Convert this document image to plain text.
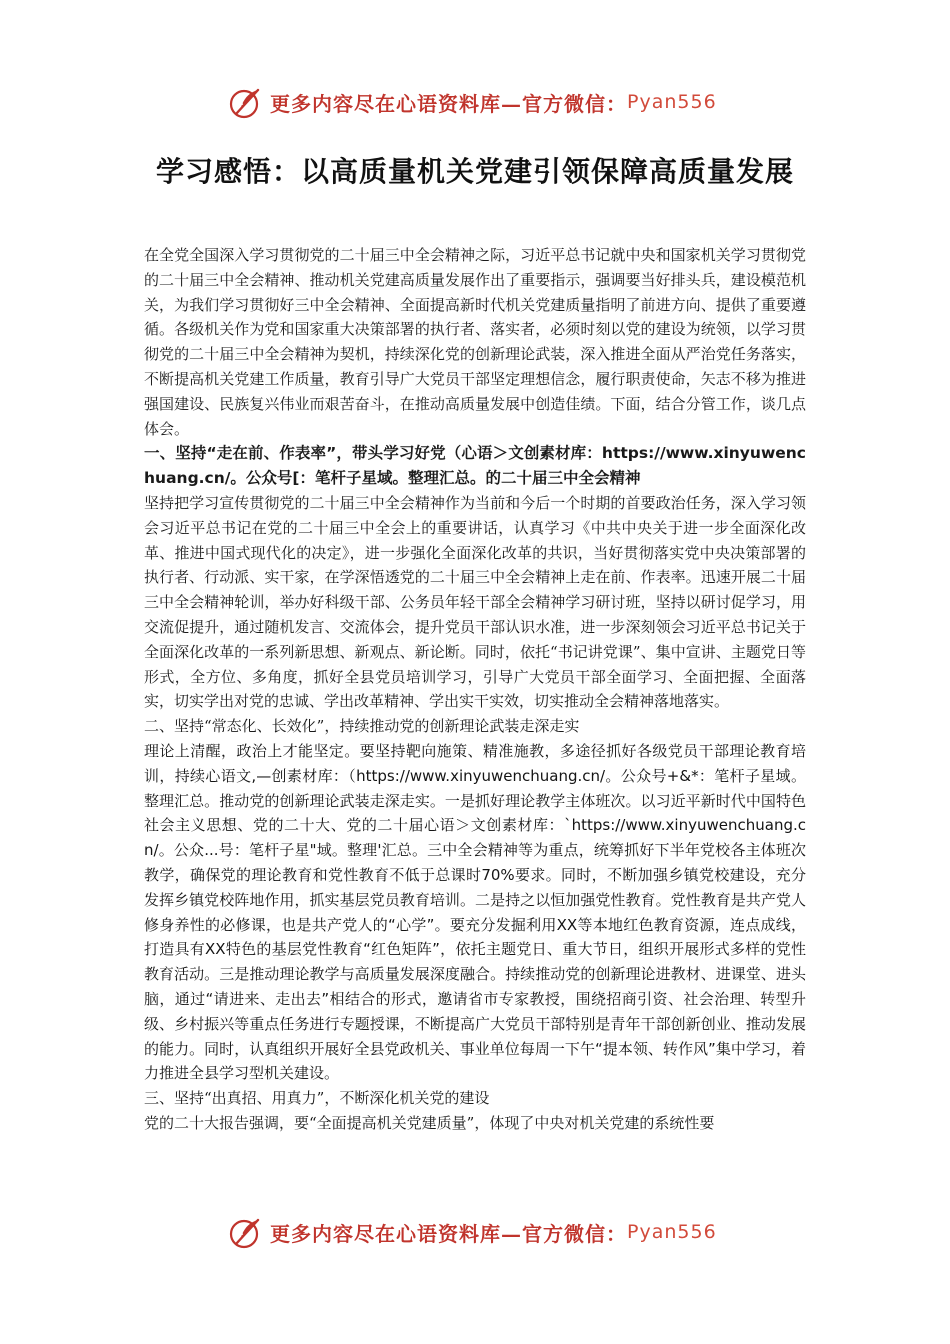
更多内容尽在心语资料库—官方微信： Pyan556
学习感悟：以高质量机关党建引领保障高质量发展

在全党全国深入学习贯彻党的二十届三中全会精神之际，习近平总书记就中央和国家机关学习贯彻党的二十届三中全会精神、推动机关党建高质量发展作出了重要指示，强调要当好排头兵，建设模范机关，为我们学习贯彻好三中全会精神、全面提高新时代机关党建质量指明了前进方向、提供了重要遵循。各级机关作为党和国家重大决策部署的执行者、落实者，必须时刻以党的建设为统领，以学习贯彻党的二十届三中全会精神为契机，持续深化党的创新理论武装，深入推进全面从严治党任务落实，不断提高机关党建工作质量，教育引导广大党员干部坚定理想信念，履行职责使命，矢志不移为推进强国建设、民族复兴伟业而艰苦奋斗，在推动高质量发展中创造佳绩。下面，结合分管工作，谈几点体会。

一、坚持“走在前、作表率”，带头学习好党（心语＞文创素材库：https://www.xinyuwenchuang.cn/。公众号[：笔杆子星域。整理汇总。的二十届三中全会精神

坚持把学习宣传贯彻党的二十届三中全会精神作为当前和今后一个时期的首要政治任务，深入学习领会习近平总书记在党的二十届三中全会上的重要讲话，认真学习《中共中央关于进一步全面深化改革、推进中国式现代化的决定》，进一步强化全面深化改革的共识，当好贯彻落实党中央决策部署的执行者、行动派、实干家，在学深悟透党的二十届三中全会精神上走在前、作表率。迅速开展二十届三中全会精神轮训，举办好科级干部、公务员年轻干部全会精神学习研讨班，坚持以研讨促学习，用交流促提升，通过随机发言、交流体会，提升党员干部认识水准，进一步深刻领会习近平总书记关于全面深化改革的一系列新思想、新观点、新论断。同时，依托“书记讲党课”、集中宣讲、主题党日等形式，全方位、多角度，抓好全县党员培训学习，引导广大党员干部全面学习、全面把握、全面落实，切实学出对党的忠诚、学出改革精神、学出实干实效，切实推动全会精神落地落实。

二、坚持“常态化、长效化”，持续推动党的创新理论武装走深走实

理论上清醒，政治上才能坚定。要坚持靶向施策、精准施教，多途径抓好各级党员干部理论教育培训，持续心语文,—创素材库：（https://www.xinyuwenchuang.cn/。公众号+&*：笔杆子星域。整理汇总。推动党的创新理论武装走深走实。一是抓好理论教学主体班次。以习近平新时代中国特色社会主义思想、党的二十大、党的二十届心语＞文创素材库：`https://www.xinyuwenchuang.cn/。公众...号：笔杆子星"域。整理'汇总。三中全会精神等为重点，统筹抓好下半年党校各主体班次教学，确保党的理论教育和党性教育不低于总课时70%要求。同时，不断加强乡镇党校建设，充分发挥乡镇党校阵地作用，抓实基层党员教育培训。二是持之以恒加强党性教育。党性教育是共产党人修身养性的必修课，也是共产党人的“心学”。要充分发掘利用XX等本地红色教育资源，连点成线，打造具有XX特色的基层党性教育“红色矩阵”，依托主题党日、重大节日，组织开展形式多样的党性教育活动。三是推动理论教学与高质量发展深度融合。持续推动党的创新理论进教材、进课堂、进头脑，通过“请进来、走出去”相结合的形式，邀请省市专家教授，围绕招商引资、社会治理、转型升级、乡村振兴等重点任务进行专题授课，不断提高广大党员干部特别是青年干部创新创业、推动发展的能力。同时，认真组织开展好全县党政机关、事业单位每周一下午“提本领、转作风”集中学习，着力推进全县学习型机关建设。

三、坚持“出真招、用真力”，不断深化机关党的建设

党的二十大报告强调，要“全面提高机关党建质量”，体现了中央对机关党建的系统性要

更多内容尽在心语资料库—官方微信： Pyan556
